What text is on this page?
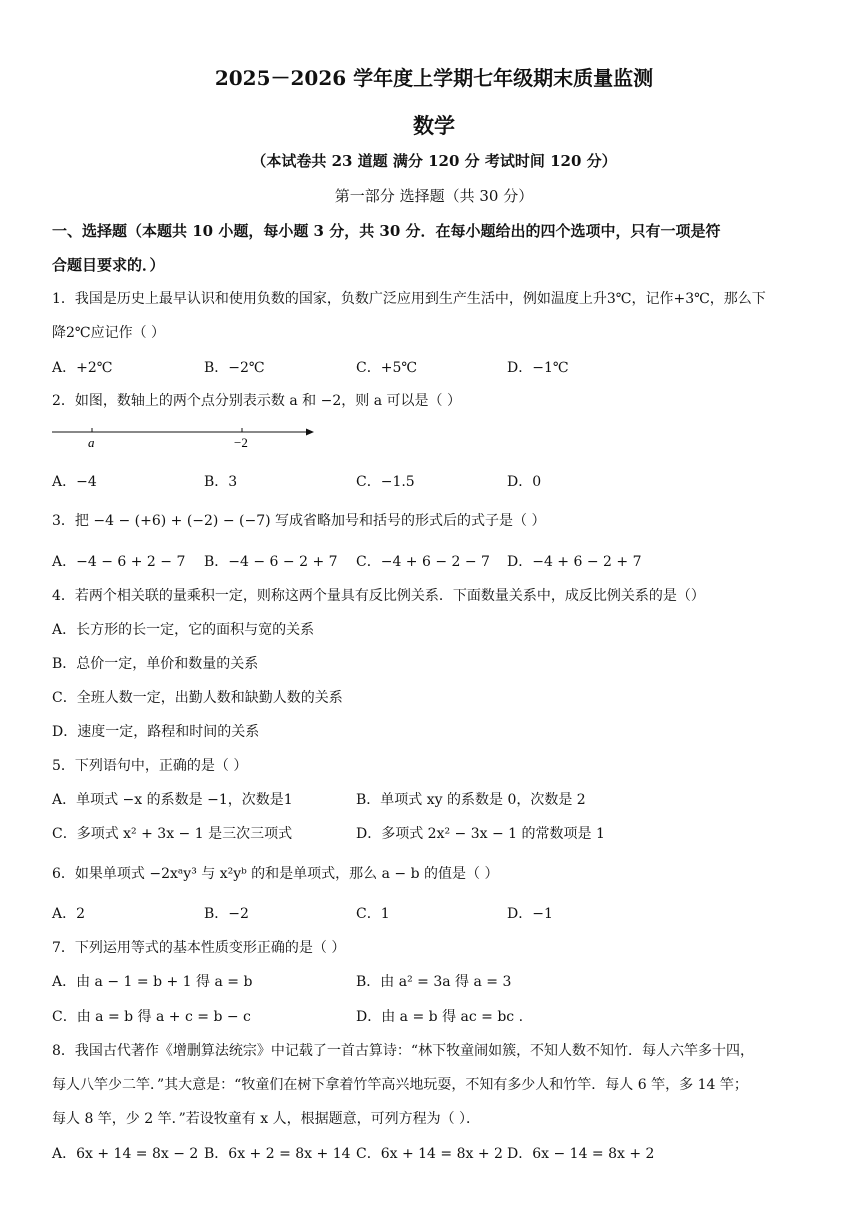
2025－2026 学年度上学期七年级期末质量监测
数学
（本试卷共 23 道题 满分 120 分 考试时间 120 分）
第一部分 选择题（共 30 分）
一、选择题（本题共 10 小题，每小题 3 分，共 30 分．在每小题给出的四个选项中，只有一项是符
合题目要求的．）
1．我国是历史上最早认识和使用负数的国家，负数广泛应用到生产生活中，例如温度上升3℃，记作+3℃，那么下
降2℃应记作（ ）
A．+2℃	B．−2℃	C．+5℃	D．−1℃
2．如图，数轴上的两个点分别表示数 a 和 −2，则 a 可以是（ ）
a	−2
A．−4	B．3	C．−1.5	D．0
3．把 −4 − (+6) + (−2) − (−7) 写成省略加号和括号的形式后的式子是（ ）
A．−4 − 6 + 2 − 7 B．−4 − 6 − 2 + 7 C．−4 + 6 − 2 − 7 D．−4 + 6 − 2 + 7
4．若两个相关联的量乘积一定，则称这两个量具有反比例关系．下面数量关系中，成反比例关系的是（）
A．长方形的长一定，它的面积与宽的关系
B．总价一定，单价和数量的关系
C．全班人数一定，出勤人数和缺勤人数的关系
D．速度一定，路程和时间的关系
5．下列语句中，正确的是（ ）
A．单项式 −x 的系数是 −1，次数是1	B．单项式 xy 的系数是 0，次数是 2
C．多项式 x² + 3x − 1 是三次三项式	D．多项式 2x² − 3x − 1 的常数项是 1
6．如果单项式 −2xᵃy³ 与 x²yᵇ 的和是单项式，那么 a − b 的值是（ ）
A．2	B．−2	C．1	D．−1
7．下列运用等式的基本性质变形正确的是（ ）
A．由 a − 1 = b + 1 得 a = b	B．由 a² = 3a 得 a = 3
C．由 a = b 得 a + c = b − c	D．由 a = b 得 ac = bc .
8．我国古代著作《增删算法统宗》中记载了一首古算诗：“林下牧童闹如簇，不知人数不知竹．每人六竿多十四，
每人八竿少二竿．”其大意是：“牧童们在树下拿着竹竿高兴地玩耍，不知有多少人和竹竿．每人 6 竿，多 14 竿；
每人 8 竿，少 2 竿．”若设牧童有 x 人，根据题意，可列方程为（ ）．
A．6x + 14 = 8x − 2 B．6x + 2 = 8x + 14 C．6x + 14 = 8x + 2 D．6x − 14 = 8x + 2
